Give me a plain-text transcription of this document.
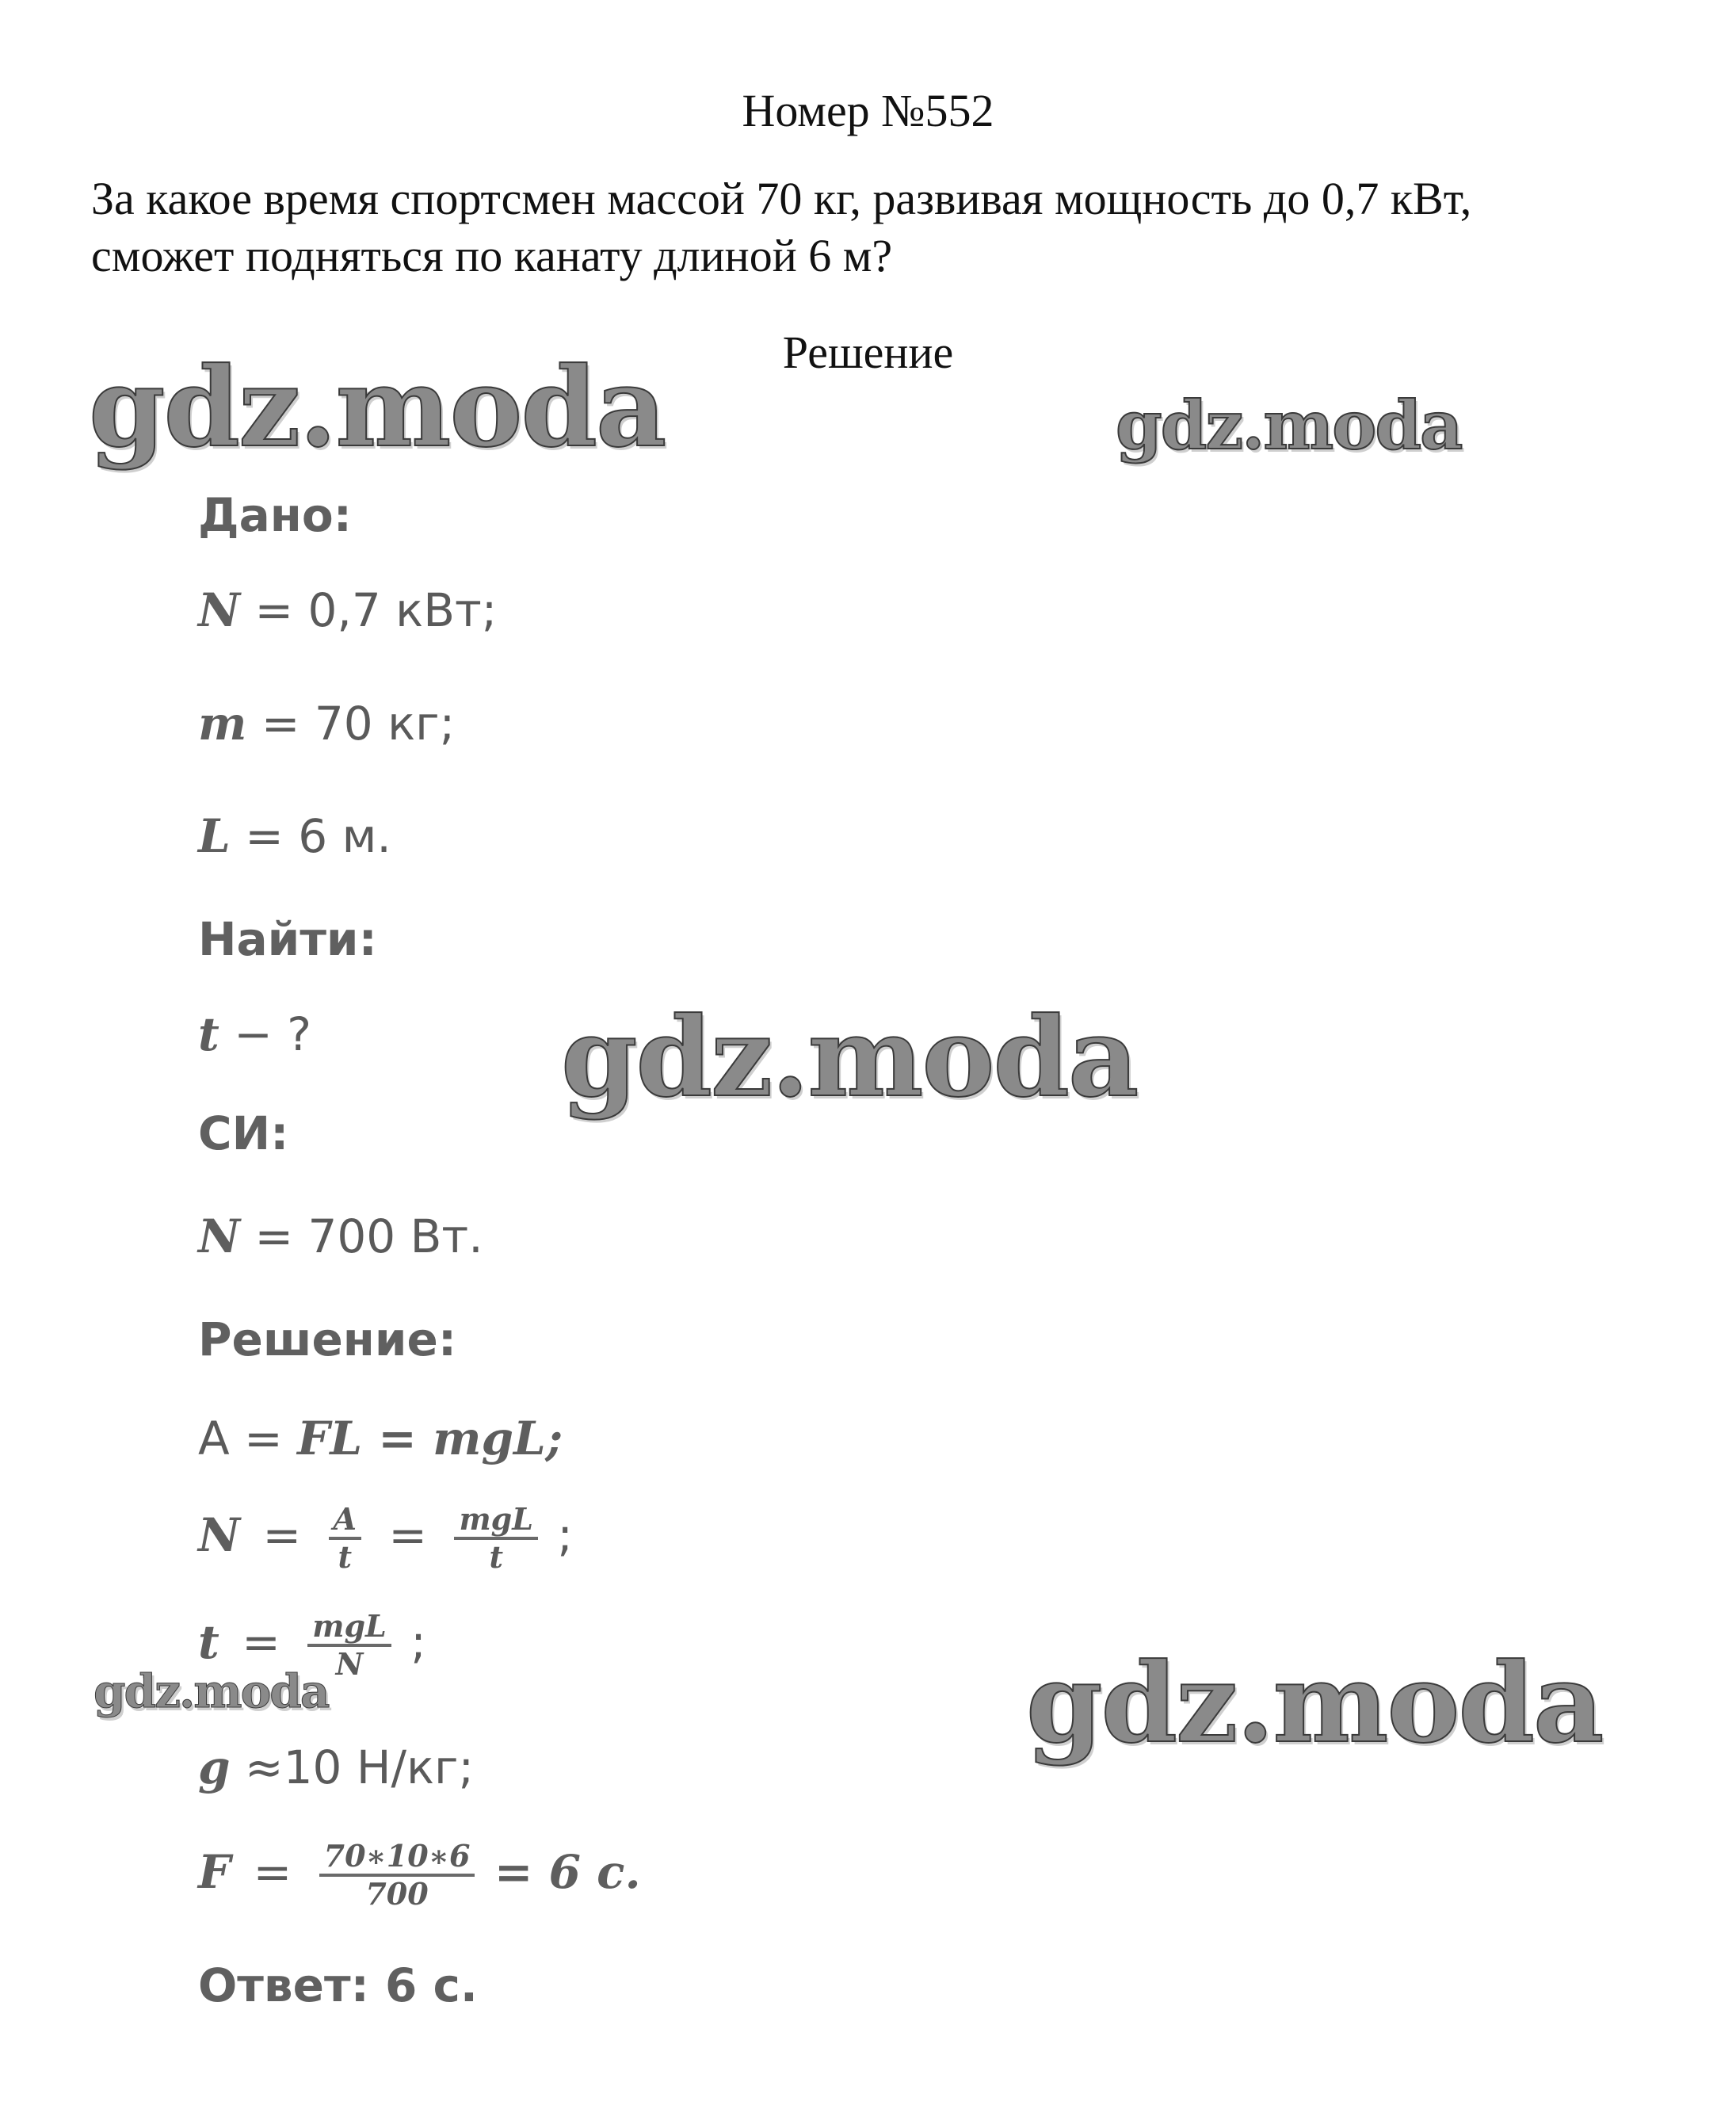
Номер №552
За какое время спортсмен массой 70 кг, развивая мощность до 0,7 кВт,
сможет подняться по канату длиной 6 м?
Решение
gdz.moda	gdz.moda
gdz.moda
gdz.moda	gdz.moda
Дано:
N = 0,7 кВт;
m = 70 кг;
L = 6 м.
Найти:
t − ?
СИ:
N = 700 Вт.
Решение:
А = FL = mgL;
$N = \frac{A}{t} = \frac{\text{mgL}}{t}$ ;
$t = \frac{\text{mgL}}{N}$ ;
g ≈10 Н/кг;
$F = \frac{70∗10∗6}{700} = 6$ с.
Ответ: 6 с.
